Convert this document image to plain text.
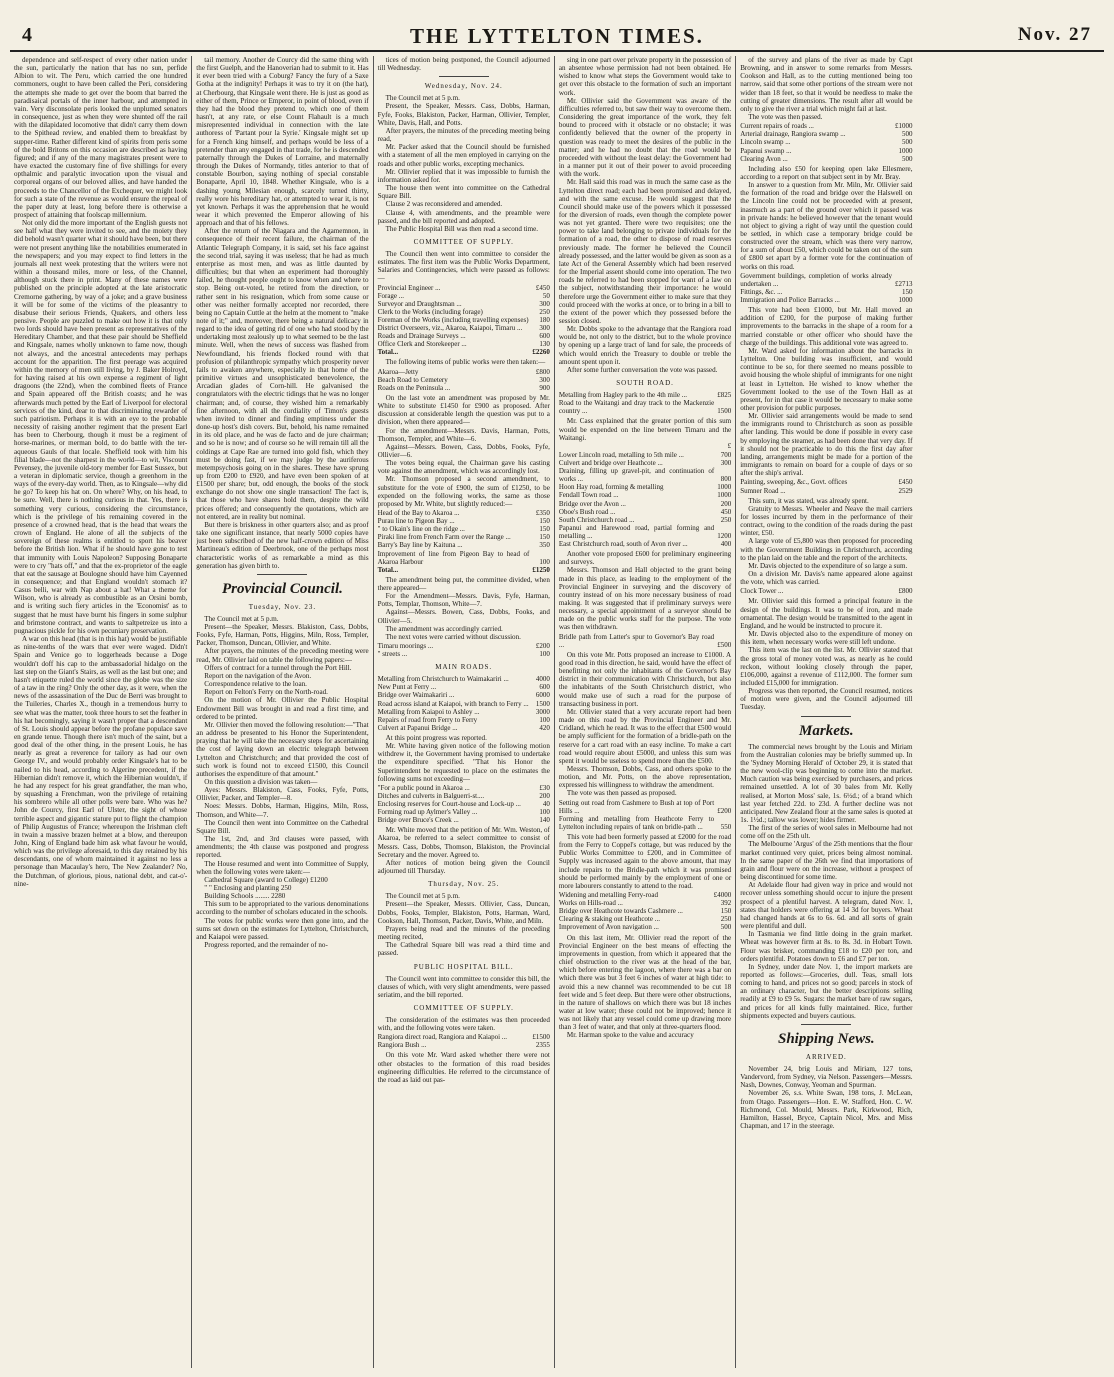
4	THE LYTTELTON TIMES.	Nov. 27

dependence and self-respect of every other nation under the sun, particularly the nation that has no sun, perfide Albion to wit. The Peru, which carried the one hundred commoners, ought to have been called the Peri, considering the attempts she made to get over the boom that barred the paradisaical portals of the inner harbour, and attempted in vain. Very disconsolate peris looked the unplumed senators in consequence, just as when they were shunted off the rail with the dilapidated locomotive that didn't carry them down to the Spithead review, and enabled them to breakfast by supper-time. Rather different kind of spirits from peris some of the bold Britons on this occasion are described as having figured; and if any of the many magistrates present were to have exacted the customary fine of five shillings for every opthalmic and paralytic invocation upon the visual and corporeal organs of our beloved allies, and have handed the proceeds to the Chancellor of the Exchequer, we might look for such a state of the revenue as would ensure the repeal of the paper duty at least, long before there is otherwise a prospect of attaining that foolscap millennium.

Not only did the more important of the English guests not see half what they were invited to see, and the moiety they did behold wasn't quarter what it should have been, but there were not present anything like the notabilities enumerated in the newspapers; and you may expect to find letters in the journals all next week protesting that the writers were not within a thousand miles, more or less, of the Channel, although stuck there in print. Many of these names were published on the principle adopted at the late aristocratic Cremorne gathering, by way of a joke; and a grave business it will be for some of the victims of the pleasantry to disabuse their serious Friends, Quakers, and others less pensive. People are puzzled to make out how it is that only two lords should have been present as representatives of the Hereditary Chamber, and that these pair should be Sheffield and Kingsale, names wholly unknown to fame now, though not always, and the ancestral antecedents may perhaps account for the apparition. The first peerage was acquired within the memory of men still living, by J. Baker Holroyd, for having raised at his own expense a regiment of light dragoons (the 22nd), when the combined fleets of France and Spain appeared off the British coasts; and he was afterwards much petted by the Earl of Liverpool for electoral services of the kind, dear to that discriminating rewarder of such patriotism. Perhaps it is with an eye to the probable necessity of raising another regiment that the present Earl has been to Cherbourg, though it must be a regiment of horse-marines, or merman bold, to do battle with the ter-aqueous Gauls of that locale. Sheffield took with him his filial blade—not the sharpest in the world—to wit, Viscount Pevensey, the juvenile old-tory member for East Sussex, but a veteran in diplomatic service, though a greenhorn in the ways of the every-day world. Then, as to Kingsale—why did he go? To keep his hat on. On where? Why, on his head, to be sure. Well, there is nothing curious in that. Yes, there is something very curious, considering the circumstance, which is the privilege of his remaining covered in the presence of a crowned head, that is the head that wears the crown of England. He alone of all the subjects of the sovereign of these realms is entitled to sport his beaver before the British lion. What if he should have gone to test that immunity with Louis Napoleon? Supposing Bonaparte were to cry "hats off," and that the ex-proprietor of the eagle that eat the sausage at Boulogne should have him Cayenned in consequence; and that England wouldn't stomach it? Casus belli, war with Nap about a hat! What a theme for Wilson, who is already as combustible as an Orsini bomb, and is writing such fiery articles in the 'Economist' as to suggest that he must have burnt his fingers in some sulphur and brimstone contract, and wants to saltpetreize us into a pugnacious pickle for his own pecuniary preservation.

A war on this head (that is in this hat) would be justifiable as nine-tenths of the wars that ever were waged. Didn't Spain and Venice go to loggerheads because a Doge wouldn't doff his cap to the ambassadorial hidalgo on the last step on the Giant's Stairs, as well as the last but one; and hasn't etiquette ruled the world since the globe was the size of a taw in the ring? Only the other day, as it were, when the news of the assassination of the Duc de Berri was brought to the Tuileries, Charles X., though in a tremendous hurry to see what was the matter, took three hours to set the feather in his hat becomingly, saying it wasn't proper that a descendant of St. Louis should appear before the profane populace save en grande tenue. Though there isn't much of the saint, but a good deal of the other thing, in the present Louis, he has nearly as great a reverence for tailory as had our own George IV., and would probably order Kingsale's hat to be nailed to his head, according to Algerine precedent, if the Hibernian didn't remove it, which the Hibernian wouldn't, if he had any respect for his great grandfather, the man who, by squashing a Frenchman, won the privilege of retaining his sombrero while all other polls were bare. Who was he? John de Courcy, first Earl of Ulster, the sight of whose terrible aspect and gigantic stature put to flight the champion of Philip Augustus of France; whereupon the Irishman cleft in twain a massive brazen helmet at a blow, and thereupon John, King of England bade him ask what favour he would, which was the privilege aforesaid, to this day retained by his descendants, one of whom maintained it against no less a personage than Macaulay's hero, The New Zealander? No, the Dutchman, of glorious, pious, national debt, and cat-o'-nine-

tail memory. Another de Courcy did the same thing with the first Guelph, and the Hanoverian had to submit to it. Has it ever been tried with a Coburg? Fancy the fury of a Saxe Gotha at the indignity! Perhaps it was to try it on (the hat), at Cherbourg, that Kingsale went there. He is just as good as either of them, Prince or Emperor, in point of blood, even if they had the blood they pretend to, which one of them hasn't, at any rate, or else Count Flahault is a much misrepresented individual in connection with the late authoress of 'Partant pour la Syrie.' Kingsale might set up for a French king himself, and perhaps would be less of a pretender than any engaged in that trade, for he is descended paternally through the Dukes of Lorraine, and maternally through the Dukes of Normandy, titles anterior to that of constable Bourbon, saying nothing of special constable Bonaparte, April 10, 1848. Whether Kingsale, who is a dashing young Milesian enough, scarcely turned thirty, really wore his hereditary hat, or attempted to wear it, is not yet known. Perhaps it was the apprehension that he would wear it which prevented the Emperor allowing of his approach and that of his fellows.

After the return of the Niagara and the Agamemnon, in consequence of their recent failure, the chairman of the Atlantic Telegraph Company, it is said, set his face against the second trial, saying it was useless; that he had as much enterprise as most men, and was as little daunted by difficulties; but that when an experiment had thoroughly failed, he thought people ought to know when and where to stop. Being out-voted, he retired from the direction, or rather sent in his resignation, which from some cause or other was neither formally accepted nor recorded, there being no Captain Cuttle at the helm at the moment to "make note of it;" and, moreover, there being a natural delicacy in regard to the idea of getting rid of one who had stood by the undertaking most zealously up to what seemed to be the last minute. Well, when the news of success was flashed from Newfoundland, his friends flocked round with that profusion of philanthropic sympathy which prosperity never fails to awaken anywhere, especially in that home of the primitive virtues and unsophisticated benevolence, the Arcadian glades of Corn-hill. He galvanised the congratulators with the electric tidings that he was no longer chairman; and, of course, they wished him a remarkably fine afternoon, with all the cordiality of Timon's guests when invited to dinner and finding emptiness under the done-up host's dish covers. But, behold, his name remained in its old place, and he was de facto and de jure chairman; and so he is now; and of course so he will remain till all the coldings at Cape Rae are turned into gold fish, which they must be doing fast, if we may judge by the auriferous metempsychosis going on in the shares. These have sprung up from £200 to £920, and have even been spoken of at £1500 per share; but, odd enough, the books of the stock exchange do not show one single transaction! The fact is, that those who have shares hold them, despite the wild prices offered; and consequently the quotations, which are not entered, are in reality but nominal.

But there is briskness in other quarters also; and as proof take one significant instance, that nearly 5000 copies have just been subscribed of the new half-crown edition of Miss Martineau's edition of Deerbrook, one of the perhaps most characteristic works of as remarkable a mind as this generation has given birth to.

Provincial Council.
Tuesday, Nov. 23.

The Council met at 5 p.m.

Present—the Speaker, Messrs. Blakiston, Cass, Dobbs, Fooks, Fyfe, Harman, Potts, Higgins, Miln, Ross, Templer, Packer, Thomson, Duncan, Ollivier, and White.

After prayers, the minutes of the preceding meeting were read, Mr. Ollivier laid on table the following papers:—

Offers of contract for a tunnel through the Port Hill.

Report on the navigation of the Avon.

Correspondence relative to the loan.

Report on Felton's Ferry on the North-road.

On the motion of Mr. Ollivier the Public Hospital Endowment Bill was brought in and read a first time, and ordered to be printed.

Mr. Ollivier then moved the following resolution:—"That an address be presented to his Honor the Superintendent, praying that he will take the necessary steps for ascertaining the cost of laying down an electric telegraph between Lyttelton and Christchurch; and that provided the cost of such work is found not to exceed £1500, this Council authorises the expenditure of that amount."

On this question a division was taken—

Ayes: Messrs. Blakiston, Cass, Fooks, Fyfe, Potts, Ollivier, Packer, and Templer—8.

Noes: Messrs. Dobbs, Harman, Higgins, Miln, Ross, Thomson, and White—7.

The Council then went into Committee on the Cathedral Square Bill.

The 1st, 2nd, and 3rd clauses were passed, with amendments; the 4th clause was postponed and progress reported.

The House resumed and went into Committee of Supply, when the following votes were taken:—

Cathedral Square (award to College) £1200

" " Enclosing and planting 250

Building Schools ........ 2280

This sum to be appropriated to the various denominations according to the number of scholars educated in the schools.

The votes for public works were then gone into, and the sums set down on the estimates for Lyttelton, Christchurch, and Kaiapoi were passed.

Progress reported, and the remainder of no-

tices of motion being postponed, the Council adjourned till Wednesday.

Wednesday, Nov. 24.

The Council met at 5 p.m.

Present, the Speaker, Messrs. Cass, Dobbs, Harman, Fyfe, Fooks, Blakiston, Packer, Harman, Ollivier, Templer, White, Davis, Hall, and Potts.

After prayers, the minutes of the preceding meeting being read,

Mr. Packer asked that the Council should be furnished with a statement of all the men employed in carrying on the roads and other public works, excepting mechanics.

Mr. Ollivier replied that it was impossible to furnish the information asked for.

The house then went into committee on the Cathedral Square Bill.

Clause 2 was reconsidered and amended.

Clause 4, with amendments, and the preamble were passed, and the bill reported and adopted.

The Public Hospital Bill was then read a second time.

COMMITTEE OF SUPPLY.

The Council then went into committee to consider the estimates. The first item was the Public Works Department, Salaries and Contingencies, which were passed as follows:—

Provincial Engineer ...	£450
Forage ...	50
Surveyor and Draughtsman ...	300
Clerk to the Works (including forage)	250
Foreman of the Works (including travelling expenses)	180
District Overseers, viz., Akaroa, Kaiapoi, Timaru ...	300
Roads and Drainage Surveys ...	600
Office Clerk and Storekeeper ...	130
Total...	£2260

The following items of public works were then taken:—

Akaroa—Jetty	£800
Beach Road to Cemetery	300
Roads on the Peninsula ...	900

On the last vote an amendment was proposed by Mr. White to substitute £1450 for £900 as proposed. After discussion at considerable length the question was put to a division, when there appeared—

For the amendment—Messrs. Davis, Harman, Potts, Thomson, Templer, and White—6.

Against—Messrs. Bowen, Cass, Dobbs, Fooks, Fyfe, Ollivier—6.

The votes being equal, the Chairman gave his casting vote against the amendment, which was accordingly lost.

Mr. Thomson proposed a second amendment, to substitute for the vote of £900, the sum of £1250, to be expended on the following works, the same as those proposed by Mr. White, but slightly reduced:—

Head of the Bay to Akaroa ...	£350
Purau line to Pigeon Bay ...	150
" to Okain's line on the ridge ...	150
Piraki line from French Farm over the Range ...	150
Barry's Bay line by Kaituna ...	350
Improvement of line from Pigeon Bay to head of Akaroa Harbour	100
Total...	£1250

The amendment being put, the committee divided, when there appeared—

For the Amendment—Messrs. Davis, Fyfe, Harman, Potts, Templar, Thomson, White—7.

Against—Messrs. Bowen, Cass, Dobbs, Fooks, and Ollivier—5.

The amendment was accordingly carried.

The next votes were carried without discussion.

Timaru moorings ...	£200
" streets ...	100
MAIN ROADS.
Metalling from Christchurch to Waimakariri ...	4000
New Punt at Ferry ...	600
Bridge over Waimakariri ...	6000
Road across island at Kaiapoi, with branch to Ferry ...	1500
Metalling from Kaiapoi to Ashley ...	3000
Repairs of road from Ferry to Ferry	100
Culvert at Papanui Bridge ...	420

At this point progress was reported.

Mr. White having given notice of the following motion withdrew it, the Government having promised to undertake the expenditure specified. "That his Honor the Superintendent be requested to place on the estimates the following sums not exceeding—

"For a public pound in Akaroa ...	£30
Ditches and culverts in Balguerri-st....	200
Enclosing reserves for Court-house and Lock-up ...	40
Forming road up Aylmer's Valley ...	100
Bridge over Bruce's Creek ...	140

Mr. White moved that the petition of Mr. Wm. Weston, of Akaroa, be referred to a select committee to consist of Messrs. Cass, Dobbs, Thomson, Blakiston, the Provincial Secretary and the mover. Agreed to.

After notices of motion being given the Council adjourned till Thursday.

Thursday, Nov. 25.

The Council met at 5 p.m.

Present—the Speaker, Messrs. Ollivier, Cass, Duncan, Dobbs, Fooks, Templer, Blakiston, Potts, Harman, Ward, Cookson, Hall, Thomson, Packer, Davis, White, and Miln.

Prayers being read and the minutes of the preceding meeting recited,

The Cathedral Square bill was read a third time and passed.

PUBLIC HOSPITAL BILL.

The Council went into committee to consider this bill, the clauses of which, with very slight amendments, were passed seriatim, and the bill reported.

COMMITTEE OF SUPPLY.

The consideration of the estimates was then proceeded with, and the following votes were taken.

Rangiora direct road, Rangiora and Kaiapoi ...	£1500
Rangiora Bush ...	2355

On this vote Mr. Ward asked whether there were not other obstacles to the formation of this road besides engineering difficulties. He referred to the circumstance of the road as laid out pas-

sing in one part over private property in the possession of an absentee whose permission had not been obtained. He wished to know what steps the Government would take to get over this obstacle to the formation of such an important work.

Mr. Ollivier said the Government was aware of the difficulties referred to, but saw their way to overcome them. Considering the great importance of the work, they felt bound to proceed with it obstacle or no obstacle; it was confidently believed that the owner of the property in question was ready to meet the desires of the public in the matter; and he had no doubt that the road would be proceeded with without the least delay: the Government had in a manner put it out of their power to avoid proceeding with the work.

Mr. Hall said this road was in much the same case as the Lyttelton direct road; each had been promised and delayed, and with the same excuse. He would suggest that the Council should make use of the powers which it possessed for the diversion of roads, even though the complete power was not yet granted. There were two requisites; one the power to take land belonging to private individuals for the formation of a road, the other to dispose of road reserves previously made. The former he believed the Council already possessed, and the latter would be given as soon as a late Act of the General Assembly which had been reserved for the Imperial assent should come into operation. The two roads he referred to had been stopped for want of a law on the subject, notwithstanding their importance: he would therefore urge the Government either to make sure that they could proceed with the works at once, or to bring in a bill to the extent of the power which they possessed before the session closed.

Mr. Dobbs spoke to the advantage that the Rangiora road would be, not only to the district, but to the whole province by opening up a large tract of land for sale, the proceeds of which would enrich the Treasury to double or treble the amount spent upon it.

After some further conversation the vote was passed.

SOUTH ROAD.
Metalling from Hagley park to the 4th mile ...	£825
Road to the Waitangi and dray track to the Mackenzie country ...	1500

Mr. Cass explained that the greater portion of this sum would be expended on the line between Timaru and the Waitangi.

	£
Lower Lincoln road, metalling to 5th mile ...	700
Culvert and bridge over Heathcote ...	300
Draining, filling up gravel-pit, and continuation of works ...	800
Hoon Hay road, forming & metalling	1000
Fendall Town road ...	1000
Bridge over the Avon ...	200
Oboe's Bush road ...	450
South Christchurch road ...	250
Papanui and Harewood road, partial forming and metalling ...	1200
East Christchurch road, south of Avon river ...	400

Another vote proposed £600 for preliminary engineering and surveys.

Messrs. Thomson and Hall objected to the grant being made in this place, as leading to the employment of the Provincial Engineer in surveying and the discovery of country instead of on his more necessary business of road making. It was suggested that if preliminary surveys were necessary, a special appointment of a surveyor should be made on the public works staff for the purpose. The vote was then withdrawn.

Bridle path from Latter's spur to Governor's Bay road ...	£500

On this vote Mr. Potts proposed an increase to £1000. A good road in this direction, he said, would have the effect of benefitting not only the inhabitants of the Governor's Bay district in their communication with Christchurch, but also the inhabitants of the South Christchurch district, who would make use of such a road for the purpose of transacting business in port.

Mr. Ollivier stated that a very accurate report had been made on this road by the Provincial Engineer and Mr. Cridland, which he read. It was to the effect that £500 would be amply sufficient for the formation of a bridle-path on the reserve for a cart road with an easy incline. To make a cart road would require about £5000, and unless this sum was spent it would be useless to spend more than the £500.

Messrs. Thomson, Dobbs, Cass, and others spoke to the motion, and Mr. Potts, on the above representation, expressed his willingness to withdraw the amendment.

The vote was then passed as proposed.

Setting out road from Cashmere to Bush at top of Port Hills ...	£200
Forming and metalling from Heathcote Ferry to Lyttelton including repairs of tank on bridle-path ...	550

This vote had been formerly passed at £2000 for the road from the Ferry to Coppel's cottage, but was reduced by the Public Works Committee to £200, and in Committee of Supply was increased again to the above amount, that may include repairs to the Bridle-path which it was promised should be performed mainly by the employment of one or more labourers constantly to attend to the road.

Widening and metalling Ferry-road	£4000
Works on Hills-road ...	392
Bridge over Heathcote towards Cashmere ...	150
Clearing & staking out Heathcote ...	250
Improvement of Avon navigation ...	500

On this last item, Mr. Ollivier read the report of the Provincial Engineer on the best means of effecting the improvements in question, from which it appeared that the chief obstruction to the river was at the head of the bar, which before entering the lagoon, where there was a bar on which there was but 3 feet 6 inches of water at high tide: to avoid this a new channel was recommended to be cut 18 feet wide and 5 feet deep. But there were other obstructions, in the nature of shallows on which there was but 18 inches water at low water; these could not be improved; hence it was not likely that any vessel could come up drawing more than 3 feet of water, and that only at three-quarters flood.

Mr. Harman spoke to the value and accuracy

of the survey and plans of the river as made by Capt Browning, and in answer to some remarks from Messrs. Cookson and Hall, as to the cutting mentioned being too narrow, said that some other portions of the stream were not wider than 18 feet, so that it would be needless to make the cutting of greater dimensions. The result after all would be only to give the river a trial which might fail at last.

The vote was then passed.

Current repairs of roads ...	£1000
Arterial drainage, Rangiora swamp ...	500
Lincoln swamp ...	500
Papanui swamp ...	1000
Clearing Avon ...	500

Including also £50 for keeping open lake Ellesmere, according to a report on that subject sent in by Mr. Bray.

In answer to a question from Mr. Miln, Mr. Ollivier said the formation of the road and bridge over the Halswell on the Lincoln line could not be proceeded with at present, inasmuch as a part of the ground over which it passed was in private hands: he believed however that the tenant would not object to giving a right of way until the question could be settled, in which case a temporary bridge could be constructed over the stream, which was there very narrow, for a sum of about £50, which could be taken out of the sum of £800 set apart by a former vote for the continuation of works on this road.

Government buildings, completion of works already undertaken ...	£2713
Fittings, &c. ...	150
Immigration and Police Barracks ...	1000

This vote had been £1000, but Mr. Hall moved an addition of £200, for the purpose of making further improvements to the barracks in the shape of a room for a married constable or other officer who should have the charge of the buildings. This additional vote was agreed to.

Mr. Ward asked for information about the barracks in Lyttelton. One building was insufficient, and would continue to be so, for there seemed no means possible to avoid housing the whole shipful of immigrants for one night at least in Lyttelton. He wished to know whether the Government looked to the use of the Town Hall as at present, for in that case it would be necessary to make some other provision for public purposes.

Mr. Ollivier said arrangements would be made to send the immigrants round to Christchurch as soon as possible after landing. This would be done if possible in every case by employing the steamer, as had been done that very day. If it should not be practicable to do this the first day after landing, arrangements might be made for a portion of the immigrants to remain on board for a couple of days or so after the ship's arrival.

Painting, sweeping, &c., Govt. offices	£450
Sumner Road ...	2529

This sum, it was stated, was already spent.

Gratuity to Messrs. Wheeler and Neave the mail carriers for losses incurred by them in the performance of their contract, owing to the condition of the roads during the past winter, £50.

A large vote of £5,800 was then proposed for proceeding with the Government Buildings in Christchurch, according to the plan laid on the table and the report of the architects.

Mr. Davis objected to the expenditure of so large a sum.

On a division Mr. Davis's name appeared alone against the vote, which was carried.

Clock Tower ...	£800

Mr. Ollivier said this formed a principal feature in the design of the buildings. It was to be of iron, and made ornamental. The design would be transmitted to the agent in England, and he would be instructed to procure it.

Mr. Davis objected also to the expenditure of money on this item, when necessary works were still left undone.

This item was the last on the list. Mr. Ollivier stated that the gross total of money voted was, as nearly as he could reckon, without looking closely through the paper, £106,000, against a revenue of £112,000. The former sum included £15,000 for immigration.

Progress was then reported, the Council resumed, notices of motion were given, and the Council adjourned till Tuesday.

Markets.

The commercial news brought by the Louis and Miriam from the Australian colonies may be briefly summed up. In the 'Sydney Morning Herald' of October 29, it is stated that the new wool-clip was beginning to come into the market. Much caution was being exercised by purchasers, and prices remained unsettled. A lot of 30 bales from Mr. Kelly realised, at Morton Moss' sale, 1s. 6½d.; of a brand which last year fetched 22d. to 23d. A further decline was not anticipated. New Zealand flour at the same sales is quoted at 1s. 1½d.; tallow was lower; hides firmer.

The first of the series of wool sales in Melbourne had not come off on the 25th ult.

The Melbourne 'Argus' of the 25th mentions that the flour market continued very quiet, prices being almost nominal. In the same paper of the 26th we find that importations of grain and flour were on the increase, without a prospect of being discontinued for some time.

At Adelaide flour had given way in price and would not recover unless something should occur to injure the present prospect of a plentiful harvest. A telegram, dated Nov. 1, states that holders were offering at 14 3d for buyers. Wheat had changed hands at 6s to 6s. 6d. and all sorts of grain were plentiful and dull.

In Tasmania we find little doing in the grain market. Wheat was however firm at 8s. to 8s. 3d. in Hobart Town. Flour was brisker, commanding £18 to £20 per ton, and orders plentiful. Potatoes down to £6 and £7 per ton.

In Sydney, under date Nov. 1, the import markets are reported as follows:—Groceries, dull. Teas, small lots coming to hand, and prices not so good; parcels in stock of an ordinary character, but the better descriptions selling readily at £9 to £9 5s. Sugars: the market bare of raw sugars, and prices for all kinds fully maintained. Rice, further shipments expected and buyers cautious.

Shipping News.
ARRIVED.

November 24, brig Louis and Miriam, 127 tons, Vandervord, from Sydney, via Nelson. Passengers—Messrs. Nash, Downes, Conway, Yeoman and Spurman.

November 26, s.s. White Swan, 198 tons, J. McLean, from Otago. Passengers—Hon. E. W. Stafford, Hon. C. W. Richmond, Col. Mould, Messrs. Park, Kirkwood, Rich, Hamilton, Hassel, Bryce, Captain Nicol, Mrs. and Miss Chapman, and 17 in the steerage.
